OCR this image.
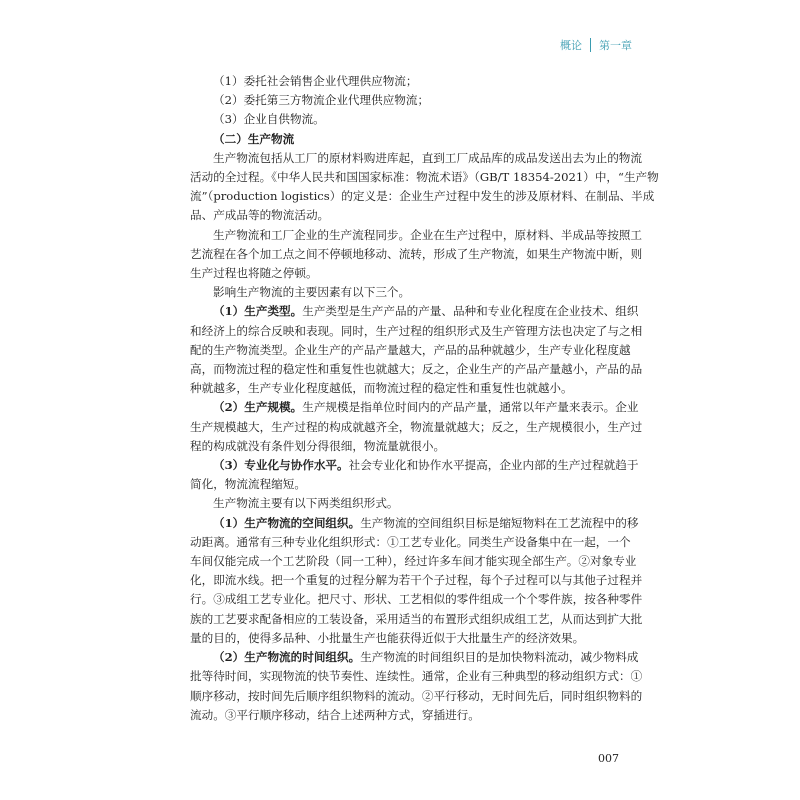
概论 第一章
（1）委托社会销售企业代理供应物流；
（2）委托第三方物流企业代理供应物流；
（3）企业自供物流。
（二）生产物流
生产物流包括从工厂的原材料购进库起，直到工厂成品库的成品发送出去为止的物流
活动的全过程。《中华人民共和国国家标准：物流术语》（GB/T 18354-2021）中，“生产物
流”（production logistics）的定义是：企业生产过程中发生的涉及原材料、在制品、半成
品、产成品等的物流活动。
生产物流和工厂企业的生产流程同步。企业在生产过程中，原材料、半成品等按照工
艺流程在各个加工点之间不停顿地移动、流转，形成了生产物流，如果生产物流中断，则
生产过程也将随之停顿。
影响生产物流的主要因素有以下三个。
（1）生产类型。生产类型是生产产品的产量、品种和专业化程度在企业技术、组织
和经济上的综合反映和表现。同时，生产过程的组织形式及生产管理方法也决定了与之相
配的生产物流类型。企业生产的产品产量越大，产品的品种就越少，生产专业化程度越
高，而物流过程的稳定性和重复性也就越大；反之，企业生产的产品产量越小，产品的品
种就越多，生产专业化程度越低，而物流过程的稳定性和重复性也就越小。
（2）生产规模。生产规模是指单位时间内的产品产量，通常以年产量来表示。企业
生产规模越大，生产过程的构成就越齐全，物流量就越大；反之，生产规模很小，生产过
程的构成就没有条件划分得很细，物流量就很小。
（3）专业化与协作水平。社会专业化和协作水平提高，企业内部的生产过程就趋于
简化，物流流程缩短。
生产物流主要有以下两类组织形式。
（1）生产物流的空间组织。生产物流的空间组织目标是缩短物料在工艺流程中的移
动距离。通常有三种专业化组织形式：①工艺专业化。同类生产设备集中在一起，一个
车间仅能完成一个工艺阶段（同一工种），经过许多车间才能实现全部生产。②对象专业
化，即流水线。把一个重复的过程分解为若干个子过程，每个子过程可以与其他子过程并
行。③成组工艺专业化。把尺寸、形状、工艺相似的零件组成一个个零件族，按各种零件
族的工艺要求配备相应的工装设备，采用适当的布置形式组织成组工艺，从而达到扩大批
量的目的，使得多品种、小批量生产也能获得近似于大批量生产的经济效果。
（2）生产物流的时间组织。生产物流的时间组织目的是加快物料流动，减少物料成
批等待时间，实现物流的快节奏性、连续性。通常，企业有三种典型的移动组织方式：①
顺序移动，按时间先后顺序组织物料的流动。②平行移动，无时间先后，同时组织物料的
流动。③平行顺序移动，结合上述两种方式，穿插进行。
007
